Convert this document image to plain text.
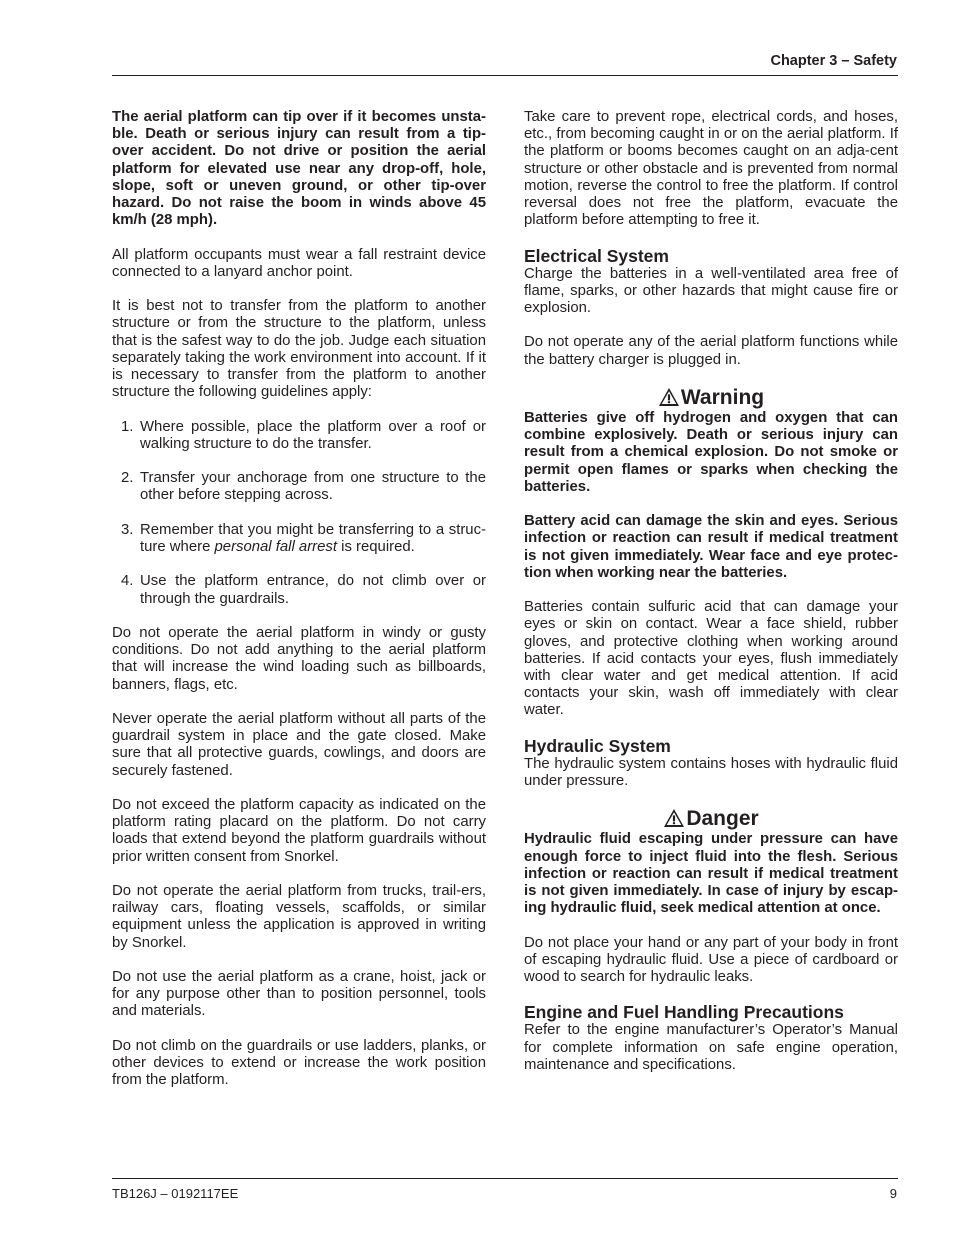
Chapter 3 – Safety

The aerial platform can tip over if it becomes unsta-ble. Death or serious injury can result from a tip-over accident. Do not drive or position the aerial platform for elevated use near any drop-off, hole, slope, soft or uneven ground, or other tip-over hazard. Do not raise the boom in winds above 45 km/h (28 mph).

All platform occupants must wear a fall restraint device connected to a lanyard anchor point.

It is best not to transfer from the platform to another structure or from the structure to the platform, unless that is the safest way to do the job. Judge each situation separately taking the work environment into account. If it is necessary to transfer from the platform to another structure the following guidelines apply:

1. Where possible, place the platform over a roof or walking structure to do the transfer.
2. Transfer your anchorage from one structure to the other before stepping across.
3. Remember that you might be transferring to a struc-ture where personal fall arrest is required.
4. Use the platform entrance, do not climb over or through the guardrails.

Do not operate the aerial platform in windy or gusty conditions. Do not add anything to the aerial platform that will increase the wind loading such as billboards, banners, flags, etc.

Never operate the aerial platform without all parts of the guardrail system in place and the gate closed. Make sure that all protective guards, cowlings, and doors are securely fastened.

Do not exceed the platform capacity as indicated on the platform rating placard on the platform. Do not carry loads that extend beyond the platform guardrails without prior written consent from Snorkel.

Do not operate the aerial platform from trucks, trail-ers, railway cars, floating vessels, scaffolds, or similar equipment unless the application is approved in writing by Snorkel.

Do not use the aerial platform as a crane, hoist, jack or for any purpose other than to position personnel, tools and materials.

Do not climb on the guardrails or use ladders, planks, or other devices to extend or increase the work position from the platform.

Take care to prevent rope, electrical cords, and hoses, etc., from becoming caught in or on the aerial platform. If the platform or booms becomes caught on an adja-cent structure or other obstacle and is prevented from normal motion, reverse the control to free the platform. If control reversal does not free the platform, evacuate the platform before attempting to free it.

Electrical System

Charge the batteries in a well-ventilated area free of flame, sparks, or other hazards that might cause fire or explosion.

Do not operate any of the aerial platform functions while the battery charger is plugged in.

Warning

Batteries give off hydrogen and oxygen that can combine explosively. Death or serious injury can result from a chemical explosion. Do not smoke or permit open flames or sparks when checking the batteries.

Battery acid can damage the skin and eyes. Serious infection or reaction can result if medical treatment is not given immediately. Wear face and eye protec-tion when working near the batteries.

Batteries contain sulfuric acid that can damage your eyes or skin on contact. Wear a face shield, rubber gloves, and protective clothing when working around batteries. If acid contacts your eyes, flush immediately with clear water and get medical attention. If acid contacts your skin, wash off immediately with clear water.

Hydraulic System

The hydraulic system contains hoses with hydraulic fluid under pressure.

Danger

Hydraulic fluid escaping under pressure can have enough force to inject fluid into the flesh. Serious infection or reaction can result if medical treatment is not given immediately. In case of injury by escap-ing hydraulic fluid, seek medical attention at once.

Do not place your hand or any part of your body in front of escaping hydraulic fluid. Use a piece of cardboard or wood to search for hydraulic leaks.

Engine and Fuel Handling Precautions

Refer to the engine manufacturer’s Operator’s Manual for complete information on safe engine operation, maintenance and specifications.

TB126J – 0192117EE	9
